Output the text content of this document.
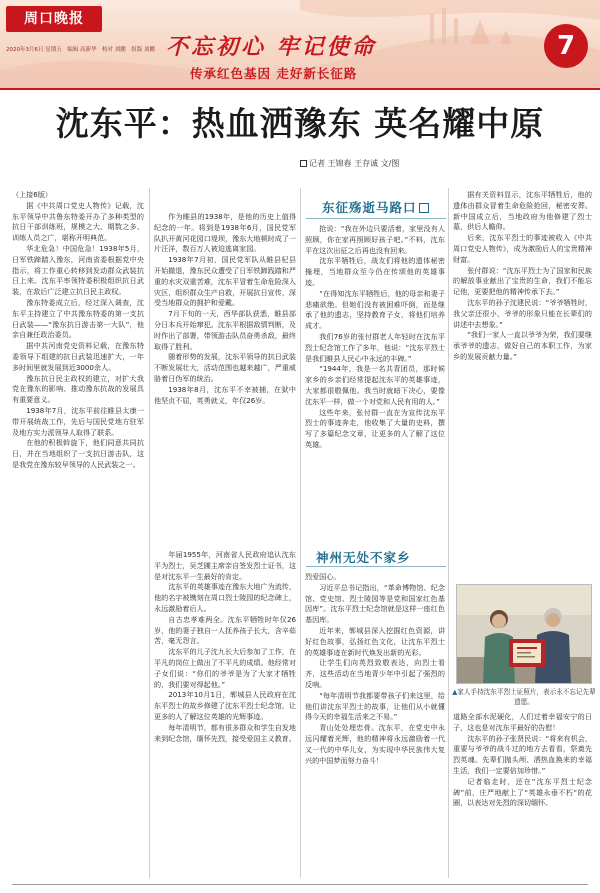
周口晚报
2020年3月6日 星期五　编辑 高新华　校对 刘鹏　组版 刘鹏 不忘初心 牢记使命
传承红色基因 走好新长征路
7
沈东平：热血洒豫东 英名耀中原
记者 王锦春 王存诚 文/图

（上接6版）

据《中共周口党史人物传》记载，沈东平领导中共鲁东特委开办了多种类型的抗日干部训练班，规模之大、期数之多、训练人员之广，堪称开明典范。

华北危急！中国危急！1938年5月，日军铁蹄踏入豫东，河南省委根据党中央指示，将工作重心转移到发动群众武装抗日上来。沈东平率领特委积极组织抗日武装，在敌后广泛建立抗日民主政权。

豫东特委成立后，经过深入调查，沈东平主持建立了中共豫东特委的第一支抗日武装——“豫东抗日游击第一大队”，他亲自兼任政治委员。

据中共河南党史资料记载，在豫东特委领导下组建的抗日武装迅速扩大，一年多时间里就发展到近3000余人。

豫东抗日民主政权的建立，对扩大我党在豫东的影响、推动豫东抗战的发展具有重要意义。

1938年7月，沈东平前往睢县太康一带开展统战工作，先后与国民党地方驻军及地方实力派领导人取得了联系。

在他的积极斡旋下，他们同意共同抗日，并在当地组织了一支抗日游击队，这是我党在豫东较早领导的人民武装之一。

作为睢县的1938年，是他的历史上值得纪念的一年。将到是1938年6月，国民党军队扒开黄河花园口堤坝，豫东大地顿时成了一片汪洋，数百万人被迫逃离家园。

1938年7月初，国民党军队从睢县杞县开始撤退，豫东民众遭受了日军铁蹄践踏和严重的水灾双重苦难，沈东平冒着生命危险深入灾区，组织群众生产自救，开展抗日宣传，深受当地群众的拥护和爱戴。

7月下旬的一天，西华部队获悉，睢县部分日本兵开始窜犯。沈东平根据敌情判断，及时作出了部署，带领游击队员奋勇杀敌，最终取得了胜利。

随着形势的发展，沈东平领导的抗日武装不断发展壮大，活动范围也越来越广，严重威胁着日伪军的统治。

1938年8月，沈东平不幸被捕，在狱中他坚贞不屈，英勇就义，年仅26岁。

东征殇逝马路口

抢说：“我在外边只要活着，家里没有人照顾，你在家再照顾好孩子吧。”不料，沈东平在这次出征之后再也没有回来。

沈东平牺牲后，战友们将他的遗体秘密掩埋，当地群众至今仍在传颂他的英雄事迹。

“在得知沈东平牺牲后，他的母亲和妻子悲痛欲绝。但她们没有被困难吓倒，而是继承了他的遗志，坚持教育子女，将他们培养成才。

我们76岁的张付群老人年轻时在沈东平烈士纪念馆工作了多年，他说：“沈东平烈士是我们睢县人民心中永远的丰碑。”

“1944年，我是一名共青团员，那时候家乡的乡亲们经常提起沈东平的英雄事迹，大家都很敬佩他。我当时就暗下决心，要像沈东平一样，做一个对党和人民有用的人。”

这些年来，张付群一直在为宣传沈东平烈士的事迹奔走，他收集了大量的史料，撰写了多篇纪念文章，让更多的人了解了这位英雄。

据有关资料显示，沈东平牺牲后，他的遗体由群众冒着生命危险抢回，秘密安葬。新中国成立后，当地政府为他修建了烈士墓，供后人瞻仰。

后来，沈东平烈士的事迹被收入《中共周口党史人物传》，成为激励后人的宝贵精神财富。

张付群说：“沈东平烈士为了国家和民族的解放事业献出了宝贵的生命，我们不能忘记他，更要把他的精神传承下去。”

沈东平的孙子沈建民说：“爷爷牺牲时，我父亲还很小，爷爷的形象只能在长辈们的讲述中去想象。”

“我们一家人一直以爷爷为荣，我们要继承爷爷的遗志，做好自己的本职工作，为家乡的发展贡献力量。”

神州无处不家乡

年届1955年，河南省人民政府追认沈东平为烈士，吴芝圃主席亲自签发烈士证书，这是对沈东平一生最好的肯定。

沈东平的英雄事迹在豫东大地广为流传，他的名字被镌刻在周口烈士陵园的纪念碑上，永远激励着后人。

自古忠孝难两全。沈东平牺牲时年仅26岁，他的妻子独自一人抚养孩子长大，含辛茹苦，毫无怨言。

沈东平的儿子沈九长大后参加了工作，在平凡的岗位上做出了不平凡的成绩。他经常对子女们说：“你们的爷爷是为了大家才牺牲的，我们要对得起他。”

2013年10月1日，郸城县人民政府在沈东平烈士的故乡修建了沈东平烈士纪念馆，让更多的人了解这位英雄的光辉事迹。

每年清明节，都有很多群众和学生自发地来到纪念馆，缅怀先烈，接受爱国主义教育。

烈爱国心。

习近平总书记指出，“革命博物馆、纪念馆、党史馆、烈士陵园等是党和国家红色基因库”。沈东平烈士纪念馆就是这样一座红色基因库。

近年来，郸城县深入挖掘红色资源，讲好红色故事，弘扬红色文化，让沈东平烈士的英雄事迹在新时代焕发出新的光彩。

让学生们向英烈致敬表达，向烈士看齐，这些活动在当地青少年中引起了强烈的反响。

“每年清明节我都要带孩子们来这里，给他们讲沈东平烈士的故事，让他们从小就懂得今天的幸福生活来之不易。”

青山处处埋忠骨。沈东平，在党史中永远闪耀着光辉，他的精神将永远激励着一代又一代的中华儿女，为实现中华民族伟大复兴的中国梦而努力奋斗！

▲家人手持沈东平烈士证照片，表示永不忘记先辈遗愿。

道路全部水泥硬化，人们过着幸福安宁的日子，这也是对沈东平最好的告慰！

沈东平的孙子张贤民说：“将来有机会，重要与爷爷的战斗过的地方去看看，祭奠先烈英魂。先辈们抛头颅、洒热血换来的幸福生活，我们一定要倍加珍惜。”

记者临走时，还在“沈东平烈士纪念碑”前，庄严地献上了“英雄永垂不朽”的花圈，以表达对先烈的深切缅怀。
